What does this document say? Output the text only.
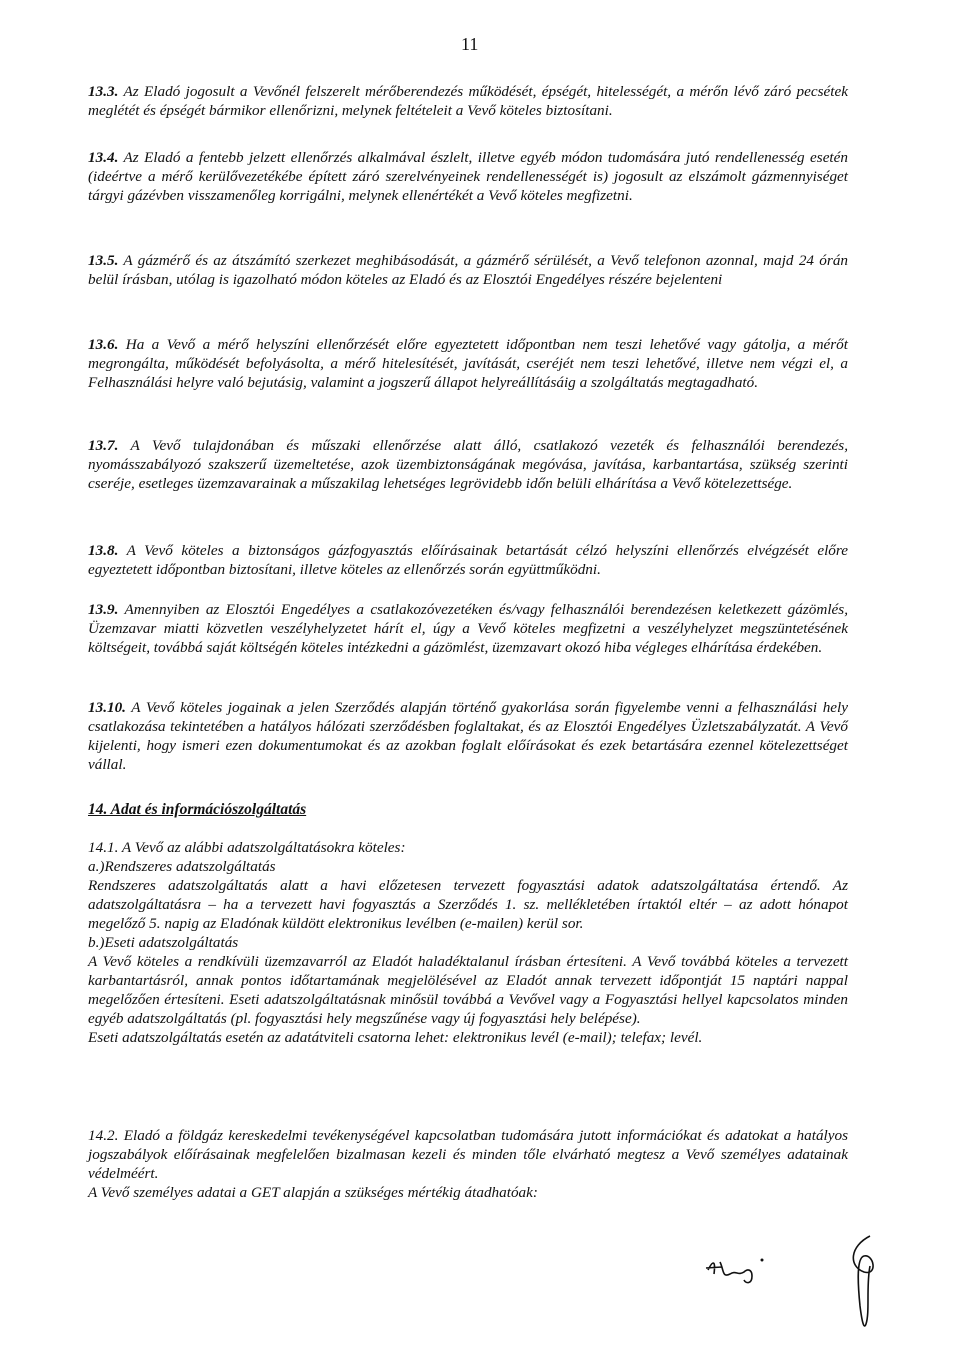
11

13.3. Az Eladó jogosult a Vevőnél felszerelt mérőberendezés működését, épségét, hitelességét, a mérőn lévő záró pecsétek meglétét és épségét bármikor ellenőrizni, melynek feltételeit a Vevő köteles biztosítani.

13.4. Az Eladó a fentebb jelzett ellenőrzés alkalmával észlelt, illetve egyéb módon tudomására jutó rendellenesség esetén (ideértve a mérő kerülővezetékébe épített záró szerelvényeinek rendellenességét is) jogosult az elszámolt gázmennyiséget tárgyi gázévben visszamenőleg korrigálni, melynek ellenértékét a Vevő köteles megfizetni.

13.5. A gázmérő és az átszámító szerkezet meghibásodását, a gázmérő sérülését, a Vevő telefonon azonnal, majd 24 órán belül írásban, utólag is igazolható módon köteles az Eladó és az Elosztói Engedélyes részére bejelenteni

13.6. Ha a Vevő a mérő helyszíni ellenőrzését előre egyeztetett időpontban nem teszi lehetővé vagy gátolja, a mérőt megrongálta, működését befolyásolta, a mérő hitelesítését, javítását, cseréjét nem teszi lehetővé, illetve nem végzi el, a Felhasználási helyre való bejutásig, valamint a jogszerű állapot helyreállításáig a szolgáltatás megtagadható.

13.7. A Vevő tulajdonában és műszaki ellenőrzése alatt álló, csatlakozó vezeték és felhasználói berendezés, nyomásszabályozó szakszerű üzemeltetése, azok üzembiztonságának megóvása, javítása, karbantartása, szükség szerinti cseréje, esetleges üzemzavarainak a műszakilag lehetséges legrövidebb időn belüli elhárítása a Vevő kötelezettsége.

13.8. A Vevő köteles a biztonságos gázfogyasztás előírásainak betartását célzó helyszíni ellenőrzés elvégzését előre egyeztetett időpontban biztosítani, illetve köteles az ellenőrzés során együttműködni.

13.9. Amennyiben az Elosztói Engedélyes a csatlakozóvezetéken és/vagy felhasználói berendezésen keletkezett gázömlés, Üzemzavar miatti közvetlen veszélyhelyzetet hárít el, úgy a Vevő köteles megfizetni a veszélyhelyzet megszüntetésének költségeit, továbbá saját költségén köteles intézkedni a gázömlést, üzemzavart okozó hiba végleges elhárítása érdekében.

13.10. A Vevő köteles jogainak a jelen Szerződés alapján történő gyakorlása során figyelembe venni a felhasználási hely csatlakozása tekintetében a hatályos hálózati szerződésben foglaltakat, és az Elosztói Engedélyes Üzletszabályzatát. A Vevő kijelenti, hogy ismeri ezen dokumentumokat és az azokban foglalt előírásokat és ezek betartására ezennel kötelezettséget vállal.

14. Adat és információszolgáltatás
14.1. A Vevő az alábbi adatszolgáltatásokra köteles:
a.)Rendszeres adatszolgáltatás
Rendszeres adatszolgáltatás alatt a havi előzetesen tervezett fogyasztási adatok adatszolgáltatása értendő. Az adatszolgáltatásra – ha a tervezett havi fogyasztás a Szerződés 1. sz. mellékletében írtaktól eltér – az adott hónapot megelőző 5. napig az Eladónak küldött elektronikus levélben (e-mailen) kerül sor.
b.)Eseti adatszolgáltatás
A Vevő köteles a rendkívüli üzemzavarról az Eladót haladéktalanul írásban értesíteni. A Vevő továbbá köteles a tervezett karbantartásról, annak pontos időtartamának megjelölésével az Eladót annak tervezett időpontját 15 naptári nappal megelőzően értesíteni. Eseti adatszolgáltatásnak minősül továbbá a Vevővel vagy a Fogyasztási hellyel kapcsolatos minden egyéb adatszolgáltatás (pl. fogyasztási hely megszűnése vagy új fogyasztási hely belépése).
Eseti adatszolgáltatás esetén az adatátviteli csatorna lehet: elektronikus levél (e-mail); telefax; levél.
14.2. Eladó a földgáz kereskedelmi tevékenységével kapcsolatban tudomására jutott információkat és adatokat a hatályos jogszabályok előírásainak megfelelően bizalmasan kezeli és minden tőle elvárható megtesz a Vevő személyes adatainak védelméért.
A Vevő személyes adatai a GET alapján a szükséges mértékig átadhatóak:
